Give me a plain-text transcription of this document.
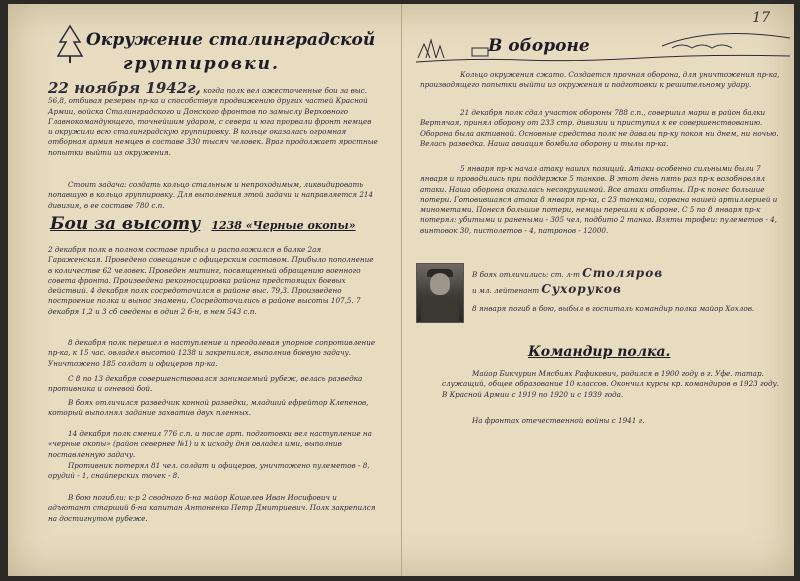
17
Окружение сталинградской
группировки.
22 ноября 1942г, когда полк вел ожесточенные бои за выс. 56,8, отбивая резервы пр-ка и способствуя продвижению других частей Красной Армии, войска Сталинградского и Донского фронтов по замыслу Верховного Главнокомандующего, точнейшим ударом, с севера и юга прорвали фронт немцев и окружили всю сталинградскую группировку. В кольце оказалась огромная отборная армия немцев в составе 330 тысяч человек. Враг продолжает яростные попытки выйти из окружения.

Стоит задача: создать кольцо стальным и непроходимым, ликвидировать попавшую в кольцо группировку. Для выполнения этой задачи и направляется 214 дивизия, в ее составе 780 с.п.

Бои за высоту 1238 «Черные окопы»

2 декабря полк в полном составе прибыл и расположился в балке 2ая Гараженская. Проведено совещание с офицерским составом. Прибыло пополнение в количестве 62 человек. Проведен митинг, посвященный обращению военного совета фронта. Произведена рекогносцировка района предстоящих боевых действий. 4 декабря полк сосредоточился в районе выс. 79,3. Произведено построение полка и вынос знамени. Сосредоточились в районе высоты 107,5. 7 декабря 1,2 и 3 сб сведены в один 2 б-н, в нем 543 с.п.

8 декабря полк перешел в наступление и преодолевая упорное сопротивление пр-ка, к 15 час. овладел высотой 1238 и закрепился, выполнив боевую задачу. Уничтожено 185 солдат и офицеров пр-ка.

С 8 по 13 декабря совершенствовался занимаемый рубеж, велась разведка противника и огневой бой.

В боях отличился разведчик конной разведки, младший ефрейтор Клепенов, который выполнял задание захватив двух пленных.

14 декабря полк сменил 776 с.п. и после арт. подготовки вел наступление на «черные окопы» (район севернее №1) и к исходу дня овладел ими, выполнив поставленную задачу.

Противник потерял 81 чел. солдат и офицеров, уничтожено пулеметов - 8, орудий - 1, снайперских точек - 8.

В бою погибли: к-р 2 сводного б-на майор Кошелев Иван Иосифович и адъютант старший б-на капитан Антоненко Петр Дмитриевич. Полк закрепился на достигнутом рубеже.

В обороне

Кольцо окружения сжато. Создается прочная оборона, для уничтожения пр-ка, производящего попытки выйти из окружения и подготовки к решительному удару.

21 декабря полк сдал участок обороны 788 с.п., совершил марш в район балки Вертячая, принял оборону от 233 стр. дивизии и приступил к ее совершенствованию. Оборона была активной. Основные средства полк не давали пр-ку покоя ни днем, ни ночью. Велась разведка. Наша авиация бомбила оборону и тылы пр-ка.

5 января пр-к начал атаку наших позиций. Атаки особенно сильными были 7 января и проводились при поддержке 5 танков. В этот день пять раз пр-к возобновлял атаки. Наша оборона оказалась несокрушимой. Все атаки отбиты. Пр-к понес большие потери. Готовившаяся атака 8 января пр-ка, с 23 танками, сорвана нашей артиллерией и минометами. Понеся большие потери, немцы перешли к обороне. С 5 по 8 января пр-к потерял: убитыми и ранеными - 305 чел, подбито 2 танка. Взяты трофеи: пулеметов - 4, винтовок 30, пистолетов - 4, патронов - 12000.

В боях отличились: ст. л-т Столяров
и мл. лейтенант Сухоруков

8 января погиб в бою, выбыл в госпиталь командир полка майор Хохлов.

Командир полка.

Майор Бикчурин Мясбиях Рафикович, родился в 1900 году в г. Уфе. татар. служащий, общее образование 10 классов. Окончил курсы кр. командиров в 1923 году. В Красной Армии с 1919 по 1920 и с 1939 года.

На фронтах отечественной войны с 1941 г.
